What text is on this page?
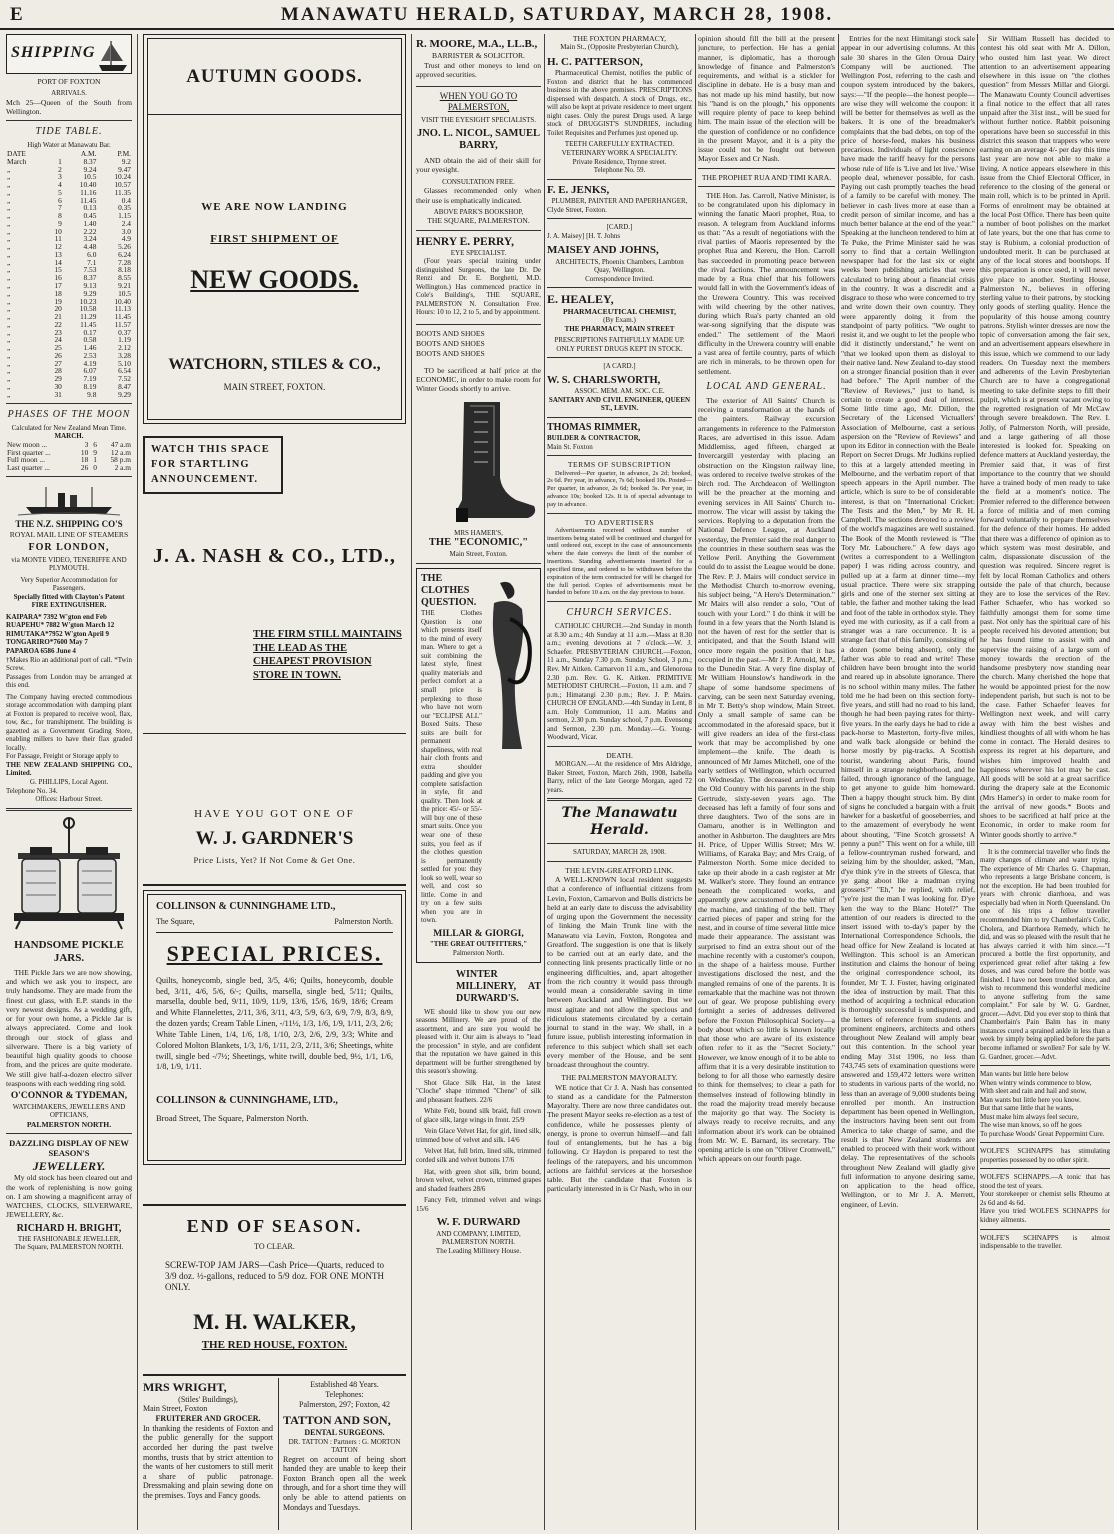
E	MANAWATU HERALD, SATURDAY, MARCH 28, 1908.
SHIPPING
PORT OF FOXTON
ARRIVALS.
Mch 25—Queen of the South from Wellington.
TIDE TABLE.
High Water at Manawatu Bar.
DATE		A.M.	P.M.
March	1	8.37	9.2
„	2	9.24	9.47
„	3	10.5	10.24
„	4	10.40	10.57
„	5	11.16	11.35
„	6	11.45	0.4
„	7	0.13	0.35
„	8	0.45	1.15
„	9	1.40	2.4
„	10	2.22	3.0
„	11	3.24	4.9
„	12	4.48	5.26
„	13	6.0	6.24
„	14	7.1	7.28
„	15	7.53	8.18
„	16	8.37	8.55
„	17	9.13	9.21
„	18	9.29	10.5
„	19	10.23	10.40
„	20	10.58	11.13
„	21	11.29	11.45
„	22	11.45	11.57
„	23	0.17	0.37
„	24	0.58	1.19
„	25	1.46	2.12
„	26	2.53	3.28
„	27	4.19	5.10
„	28	6.07	6.54
„	29	7.19	7.52
„	30	8.19	8.47
„	31	9.8	9.29
PHASES OF THE MOON
Calculated for New Zealand Mean Time.
MARCH.
New moon ...	3	6	47 a.m
First quarter ...	10	9	12 a.m
Full moon ...	18	1	58 p.m
Last quarter ...	26	0	2 a.m
THE N.Z. SHIPPING CO'S
ROYAL MAIL LINE OF STEAMERS
FOR LONDON,
via MONTE VIDEO, TENERIFFE AND PLYMOUTH.
Very Superior Accommodation for Passengers.
Specially fitted with Clayton's Patent FIRE EXTINGUISHER.
KAIPARA* 7392 W'gton end Feb
RUAPEHU* 7882 W'gton March 12
RIMUTAKA*7952 W'gton April 9
TONGARIRO*7600 May 7
PAPAROA 6586 June 4
†Makes Rio an additional port of call. *Twin Screw.
Passages from London may be arranged at this end.
The Company having erected commodious storage accommodation with damping plant at Foxton is prepared to receive wool, flax, tow, &c., for transhipment. The building is gazetted as a Government Grading Store, enabling millers to have their flax graded locally.
For Passage, Freight or Storage apply to
THE NEW ZEALAND SHIPPING CO., Limited.
G. PHILLIPS, Local Agent.
Telephone No. 34.
Offices: Harbour Street.
HANDSOME PICKLE JARS.

THE Pickle Jars we are now showing, and which we ask you to inspect, are truly handsome. They are made from the finest cut glass, with E.P. stands in the very newest designs. As a wedding gift, or for your own home, a Pickle Jar is always appreciated. Come and look through our stock of glass and silverware. There is a big variety of beautiful high quality goods to choose from, and the prices are quite moderate. We still give half-a-dozen electro silver teaspoons with each wedding ring sold.

O'CONNOR & TYDEMAN,
WATCHMAKERS, JEWELLERS AND OPTICIANS,
PALMERSTON NORTH.
DAZZLING DISPLAY OF NEW SEASON'S
JEWELLERY.

My old stock has been cleared out and the work of replenishing is now going on. I am showing a magnificent array of WATCHES, CLOCKS, SILVERWARE, JEWELLERY, &c.

RICHARD H. BRIGHT,
THE FASHIONABLE JEWELLER,
The Square, PALMERSTON NORTH.
AUTUMN GOODS.
WE ARE NOW LANDING
FIRST SHIPMENT OF
NEW GOODS.
WATCHORN, STILES & CO.,
MAIN STREET, FOXTON.
WATCH THIS SPACE FOR STARTLING ANNOUNCEMENT.
J. A. NASH & CO., LTD.,
THE FIRM STILL MAINTAINS THE LEAD AS THE CHEAPEST PROVISION STORE IN TOWN.
HAVE YOU GOT ONE OF
W. J. GARDNER'S
Price Lists, Yet? If Not Come & Get One.
COLLINSON & CUNNINGHAME LTD.,
The Square,	Palmerston North.
SPECIAL PRICES.
Quilts, honeycomb, single bed, 3/5, 4/6; Quilts, honeycomb, double bed, 3/11, 4/6, 5/6, 6/-; Quilts, marsella, single bed, 5/11; Quilts, marsella, double bed, 9/11, 10/9, 11/9, 13/6, 15/6, 16/9, 18/6; Cream and White Flannelettes, 2/11, 3/6, 3/11, 4/3, 5/9, 6/3, 6/9, 7/9, 8/3, 8/9, the dozen yards; Cream Table Linen, -/11½, 1/3, 1/6, 1/9, 1/11, 2/3, 2/6; White Table Linen, 1/4, 1/6, 1/8, 1/10, 2/3, 2/6, 2/9, 3/3; White and Colored Molton Blankets, 1/3, 1/6, 1/11, 2/3, 2/11, 3/6; Sheetings, white twill, single bed -/7½; Sheetings, white twill, double bed, 9½, 1/1, 1/6, 1/8, 1/9, 1/11.
COLLINSON & CUNNINGHAME, LTD.,
Broad Street, The Square, Palmerston North.
END OF SEASON.
TO CLEAR.
SCREW-TOP JAM JARS—Cash Price—Quarts, reduced to 3/9 doz. ½-gallons, reduced to 5/9 doz. FOR ONE MONTH ONLY.
M. H. WALKER,
THE RED HOUSE, FOXTON.
MRS WRIGHT,
(Stiles' Buildings),
Main Street, Foxton
FRUITERER AND GROCER.
In thanking the residents of Foxton and the public generally for the support accorded her during the past twelve months, trusts that by strict attention to the wants of her customers to still merit a share of public patronage. Dressmaking and plain sewing done on the premises. Toys and Fancy goods.
Established 48 Years.
Telephones:
Palmerston, 297; Foxton, 42
TATTON AND SON,
DENTAL SURGEONS.
DR. TATTON : Partners : G. MORTON TATTON
Regret on account of being short handed they are unable to keep their Foxton Branch open all the week through, and for a short time they will only be able to attend patients on Mondays and Tuesdays.
R. MOORE, M.A., LL.B.,
BARRISTER & SOLICITOR.

Trust and other moneys to lend on approved securities.

WHEN YOU GO TO PALMERSTON,
VISIT THE EYESIGHT SPECIALISTS.
JNO. L. NICOL, SAMUEL BARRY,

AND obtain the aid of their skill for your eyesight.

CONSULTATION FREE.

Glasses recommended only when their use is emphatically indicated.

ABOVE PARK'S BOOKSHOP,
THE SQUARE, PALMERSTON.
HENRY E. PERRY,
EYE SPECIALIST.

(Four years special training under distinguished Surgeons, the late Dr. De Renzi and Dr. E. Borghetti, M.D. Wellington.) Has commenced practice in Cole's Building's, THE SQUARE, PALMERSTON N. Consultation Free. Hours: 10 to 12, 2 to 5, and by appointment.

BOOTS AND SHOES
BOOTS AND SHOES
BOOTS AND SHOES

TO be sacrificed at half price at the ECONOMIC, in order to make room for Winter Goods shortly to arrive.

MRS HAMER'S,
THE "ECONOMIC,"
Main Street, Foxton.
THE CLOTHES QUESTION.
THE Clothes Question is one which presents itself to the mind of every man. Where to get a suit combining the latest style, finest quality materials and perfect comfort at a small price is perplexing to those who have not worn our "ECLIPSE ALL" Boxed Suits. These suits are built for permanent shapeliness, with real hair cloth fronts and extra shoulder padding and give you complete satisfaction in style, fit and quality. Then look at the price: 45/- or 55/- will buy one of these smart suits. Once you wear one of these suits, you feel as if the clothes question is permanently settled for you: they look so well, wear so well, and cost so little. Come in and try on a few suits when you are in town.
MILLAR & GIORGI,
"THE GREAT OUTFITTERS,"
Palmerston North.
WINTER MILLINERY, AT DURWARD'S.

WE should like to show you our new seasons Millinery. We are proud of the assortment, and are sure you would be pleased with it. Our aim is always to "lead the procession" in style, and are confident that the reputation we have gained in this department will be further strengthened by this season's showing.

Shot Glace Silk Hat, in the latest "Cloche" shape trimmed "Chene" of silk and pheasant feathers. 22/6

White Felt, bound silk braid, full crown of glace silk, large wings in front. 25/9

Vein Glace Velvet Hat, for girl, lined silk, trimmed bow of velvet and silk. 14/6

Velvet Hat, full brim, lined silk, trimmed corded silk and velvet buttons 17/6

Hat, with green shot silk, brim bound, brown velvet, velvet crown, trimmed grapes and shaded feathers 28/6

Fancy Felt, trimmed velvet and wings 15/6

W. F. DURWARD
AND COMPANY, LIMITED, PALMERSTON NORTH.
The Leading Millinery House.
THE FOXTON PHARMACY,
Main St., (Opposite Presbyterian Church),
H. C. PATTERSON,

Pharmaceutical Chemist, notifies the public of Foxton and district that he has commenced business in the above premises. PRESCRIPTIONS dispensed with despatch. A stock of Drugs, etc., will also be kept at private residence to meet urgent night cases. Only the purest Drugs used. A large stock of DRUGGIST'S SUNDRIES, including Toilet Requisites and Perfumes just opened up.

TEETH CAREFULLY EXTRACTED.
VETERINARY WORK A SPECIALITY.
Private Residence, Thynne street.
Telephone No. 59.
F. E. JENKS,
PLUMBER, PAINTER AND PAPERHANGER,
Clyde Street, Foxton.
[CARD.]
J. A. Maisey] [H. T. Johns
MAISEY AND JOHNS,
ARCHITECTS, Phoenix Chambers, Lambton Quay, Wellington.
Correspondence Invited.
E. HEALEY,
PHARMACEUTICAL CHEMIST,
(By Exam.)
THE PHARMACY, MAIN STREET
PRESCRIPTIONS FAITHFULLY MADE UP.
ONLY PUREST DRUGS KEPT IN STOCK.
[A CARD.]
W. S. CHARLSWORTH,
ASSOC. MEM. AM. SOC. C.E.
SANITARY AND CIVIL ENGINEER, QUEEN ST., LEVIN.
THOMAS RIMMER,
BUILDER & CONTRACTOR,
Main St. Foxton
TERMS OF SUBSCRIPTION

Delivered—Per quarter, in advance, 2s 2d; booked, 2s 6d. Per year, in advance, 7s 6d; booked 10s. Posted—Per quarter, in advance, 2s 6d; booked 3s. Per year, in advance 10s; booked 12s. It is of special advantage to pay in advance.

TO ADVERTISERS

Advertisements received without number of insertions being stated will be continued and charged for until ordered out, except in the case of announcements where the date conveys the limit of the number of insertions. Standing advertisements inserted for a specified time, and ordered to be withdrawn before the expiration of the term contracted for will be charged for the full period. Copies of advertisements must be handed in before 10 a.m. on the day previous to issue.

CHURCH SERVICES.

CATHOLIC CHURCH.—2nd Sunday in month at 8.30 a.m.; 4th Sunday at 11 a.m.—Mass at 8.30 a.m.; evening devotions at 7 o'clock.—W. J. Schaefer. PRESBYTERIAN CHURCH.—Foxton, 11 a.m., Sunday 7.30 p.m. Sunday School, 3 p.m.; Rev. Mr Aitken. Carnarvon 11 a.m., and Glenoroua 2.30 p.m. Rev. G. K. Aitken. PRIMITIVE METHODIST CHURCH.—Foxton, 11 a.m. and 7 p.m.; Himatangi 2.30 p.m.; Rev. J. P. Mairs. CHURCH OF ENGLAND.—4th Sunday in Lent, 8 a.m. Holy Communion, 11 a.m. Matins and sermon, 2.30 p.m. Sunday school, 7 p.m. Evensong and Sermon, 2.30 p.m. Monday.—G. Young-Woodward, Vicar.

DEATH.

MORGAN.—At the residence of Mrs Aldridge, Baker Street, Foxton, March 26th, 1908, Isabella Barry, relict of the late George Morgan, aged 72 years.

The Manawatu Herald.
SATURDAY, MARCH 28, 1908.
THE LEVIN-GREATFORD LINK.

A WELL-KNOWN local resident suggests that a conference of influential citizens from Levin, Foxton, Carnarvon and Bulls districts be held at an early date to discuss the advisability of urging upon the Government the necessity of linking the Main Trunk line with the Manawatu via Levin, Foxton, Rongotea and Greatford. The suggestion is one that is likely to be carried out at an early date, and the connecting link presents practically little or no engineering difficulties, and, apart altogether from the rich country it would pass through would mean a considerable saving in time between Auckland and Wellington. But we must agitate and not allow the specious and ridiculous statements circulated by a certain journal to stand in the way. We shall, in a future issue, publish interesting information in reference to this subject which shall set each every member of the House, and be sent broadcast throughout the country.

THE PALMERSTON MAYORALTY.

WE notice that Cr J. A. Nash has consented to stand as a candidate for the Palmerston Mayoralty. There are now three candidates out. The present Mayor seeks re-election as a test of confidence, while he possesses plenty of energy, is prone to overrun himself—and fall foul of entanglements, but he has a big following. Cr Haydon is prepared to test the feelings of the ratepayers, and his uncommon actions are faithful services at the horseshoe table. But the candidate that Foxton is particularly interested in is Cr Nash, who in our

opinion should fill the bill at the present juncture, to perfection. He has a genial manner, is diplomatic, has a thorough knowledge of finance and Palmerston's requirements, and withal is a stickler for discipline in debate. He is a busy man and has not made up his mind hastily, but now his "hand is on the plough," his opponents will require plenty of pace to keep behind him. The main issue of the election will be the question of confidence or no confidence in the present Mayor, and it is a pity the issue could not be fought out between Mayor Essex and Cr Nash.

THE PROPHET RUA AND TIMI KARA.

THE Hon. Jas. Carroll, Native Minister, is to be congratulated upon his diplomacy in winning the fanatic Maori prophet, Rua, to reason. A telegram from Auckland informs us that: "As a result of negotiations with the rival parties of Maoris represented by the prophet Rua and Kereru, the Hon. Carroll has succeeded in promoting peace between the rival factions. The announcement was made by a Rua chief that his followers would fall in with the Government's ideas of the Urewera Country. This was received with wild cheering by the other natives, during which Rua's party chanted an old war-song signifying that the dispute was ended." The settlement of the Maori difficulty in the Urewera country will enable a vast area of fertile country, parts of which are rich in minerals, to be thrown open for settlement.

LOCAL AND GENERAL.

The exterior of All Saints' Church is receiving a transformation at the hands of the painters. Railway excursion arrangements in reference to the Palmerston Races, are advertised in this issue. Adam Middlemiss, aged fifteen, charged at Invercargill yesterday with placing an obstruction on the Kingston railway line, was ordered to receive twelve strokes of the birch rod. The Archdeacon of Wellington will be the preacher at the morning and evening services in All Saints' Church to-morrow. The vicar will assist by taking the services. Replying to a deputation from the National Defence League, at Auckland yesterday, the Premier said the real danger to the countries in these southern seas was the Yellow Peril. Anything the Government could do to assist the League would be done. The Rev. P. J. Mairs will conduct service in the Methodist Church to-morrow evening, his subject being, "A Hero's Determination." Mr Mairs will also render a solo, "Out of touch with your Lord." I do think it will be found in a few years that the North Island is not the haven of rest for the settler that is anticipated, and that the South Island will once more regain the position that it has occupied in the past.—Mr J. P. Arnold, M.P., to the Dunedin Star. A very fine display of Mr William Hounslow's handiwork in the shape of some handsome specimens of carving, can be seen next Saturday evening, in Mr T. Betty's shop window, Main Street. Only a small sample of same can be accommodated in the aforesaid space, but it will give readers an idea of the first-class work that may be accomplished by one implement—the knife. The death is announced of Mr James Mitchell, one of the early settlers of Wellington, which occurred on Wednesday. The deceased arrived from the Old Country with his parents in the ship Gertrude, sixty-seven years ago. The deceased has left a family of four sons and three daughters. Two of the sons are in Oamaru, another is in Wellington and another in Ashburton. The daughters are Mrs H. Price, of Upper Willis Street; Mrs W. Williams, of Karaka Bay; and Mrs Craig, of Palmerston North. Some mice decided to take up their abode in a cash register at Mr M. Walker's store. They found an entrance beneath the complicated works, and apparently grew accustomed to the whirr of the machine, and tinkling of the bell. They carried pieces of paper and string for the nest, and in course of time several little mice made their appearance. The assistant was surprised to find an extra shout out of the machine recently with a customer's coupon, in the shape of a hairless mouse. Further investigations disclosed the nest, and the mangled remains of one of the parents. It is remarkable that the machine was not thrown out of gear. We propose publishing every fortnight a series of addresses delivered before the Foxton Philosophical Society—a body about which so little is known locally that those who are aware of its existence often refer to it as the "Secret Society." However, we know enough of it to be able to affirm that it is a very desirable institution to belong to for all those who earnestly desire to think for themselves; to clear a path for themselves instead of following blindly in the road the majority tread merely because the majority go that way. The Society is always ready to receive recruits, and any information about it's work can be obtained from Mr. W. E. Barnard, its secretary. The opening article is one on "Oliver Cromwell," which appears on our fourth page.

Entries for the next Himitangi stock sale appear in our advertising columns. At this sale 30 shares in the Glen Oroua Dairy Company will be auctioned. The Wellington Post, referring to the cash and coupon system introduced by the bakers, says:—"If the people—the honest people—are wise they will welcome the coupon: it will be better for themselves as well as the bakers. It is one of the breadmaker's complaints that the bad debts, on top of the price of horse-feed, makes his business precarious. Individuals of light conscience have made the tariff heavy for the persons whose rule of life is 'Live and let live.' Wise people deal, whenever possible, for cash. Paying out cash promptly teaches the head of a family to be careful with money. The believer in cash lives more at ease than a credit person of similar income, and has a much better balance at the end of the year." Speaking at the luncheon tendered to him at Te Puke, the Prime Minister said he was sorry to find that a certain Wellington newspaper had for the last six or eight weeks been publishing articles that were calculated to bring about a financial crisis in the country. It was a discredit and a disgrace to those who were concerned to try and write down their own country. They were apparently doing it from the standpoint of party politics. "We ought to resist it, and we ought to let the people who did it distinctly understand," he went on "that we looked upon them as disloyal to their native land. New Zealand to-day stood on a stronger financial position than it ever had before." The April number of the "Review of Reviews," just to hand, is certain to create a good deal of interest. Some little time ago, Mr. Dillon, the Secretary of the Licensed Victuallers' Association of Melbourne, cast a serious aspersion on the "Review of Reviews" and upon its Editor in connection with the Beale Report on Secret Drugs. Mr Judkins replied to this at a largely attended meeting in Melbourne, and the verbatim report of that speech appears in the April number. The article, which is sure to be of considerable interest, is that on "International Cricket: The Tests and the Men," by Mr R. H. Campbell. The sections devoted to a review of the world's magazines are well sustained. The Book of the Month reviewed is "The Tory Mr. Labouchere." A few days ago (writes a correspondent to a Wellington paper) I was riding across country, and pulled up at a farm at dinner time—my usual practice. There were six strapping girls and one of the sterner sex sitting at table, the father and mother taking the lead and foot of the table in orthodox style. They eyed me with curiosity, as if a call from a stranger was a rare occurrence. It is a strange fact that of this family, consisting of a dozen (some being absent), only the father was able to read and write! These children have been brought into the world and reared up in absolute ignorance. There is no school within many miles. The father told me he had been on this section forty-five years, and still had no road to his land, though he had been paying rates for thirty-five years. In the early days he had to ride a pack-horse to Masterton, forty-five miles, and walk back alongside or behind the horse mostly by pig-tracks. A Scottish tourist, wandering about Paris, found himself in a strange neighborhood, and he failed, through ignorance of the language, to get anyone to guide him homeward. Then a happy thought struck him. By dint of signs he concluded a bargain with a fruit hawker for a basketful of gooseberries, and to the amazement of everybody he went about shouting, "Fine Scotch grossets! A penny a pun!" This went on for a while, till a fellow-countryman rushed forward, and seizing him by the shoulder, asked, "Man, d'ye think y're in the streets of Glesca, that ye gang aboot like a madman crying grossets?" "Eh," he replied, with relief, "ye're just the man I was looking for. D'ye ken the way to the Blanc Hotel?" The attention of our readers is directed to the insert issued with to-day's paper by the International Correspondence Schools, the head office for New Zealand is located at Wellington. This school is an American institution and claims the honour of being the original correspondence school, its founder, Mr T. J. Foster, having originated the idea of instruction by mail. That this method of acquiring a technical education is thoroughly successful is undisputed, and the letters of reference from students and prominent engineers, architects and others throughout New Zealand will amply bear out this contention. In the school year ending May 31st 1906, no less than 743,745 sets of examination questions were answered and 159,472 letters were written to students in various parts of the world, no less than an average of 9,000 students being enrolled per month. An instruction department has been opened in Wellington, the instructors having been sent out from America to take charge of same, and the result is that New Zealand students are enabled to proceed with their work without delay. The representatives of the schools throughout New Zealand will gladly give full information to anyone desiring same, on application to the head office, Wellington, or to Mr J. A. Merrett, engineer, of Levin.

Sir William Russell has decided to contest his old seat with Mr A. Dillon, who ousted him last year. We direct attention to an advertisement appearing elsewhere in this issue on "the clothes question" from Messrs Millar and Giorgi. The Manawatu County Council advertises a final notice to the effect that all rates unpaid after the 31st inst., will be sued for without further notice. Rabbit poisoning operations have been so successful in this district this season that trappers who were earning on an average 4/- per day this time last year are now not able to make a living. A notice appears elsewhere in this issue from the Chief Electoral Officer, in reference to the closing of the general or main roll, which is to be printed in April. Forms of enrolment may be obtained at the local Post Office. There has been quite a number of boot polishes on the market of late years, but the one that has come to stay is Rubium, a colonial production of undoubted merit. It can be purchased at any of the local stores and bootshops. If this preparation is once used, it will never give place to another. Sterling House, Palmerston N., believes in offering sterling value to their patrons, by stocking only goods of sterling quality. Hence the popularity of this house among country patrons. Stylish winter dresses are now the topic of conversation among the fair sex, and an advertisement appears elsewhere in this issue, which we commend to our lady readers. On Tuesday next the members and adherents of the Levin Presbyterian Church are to have a congregational meeting to take definite steps to fill their pulpit, which is at present vacant owing to the regretted resignation of Mr McCaw through severe breakdown. The Rev. I. Jolly, of Palmerston North, will preside, and a large gathering of all those interested is looked for. Speaking on defence matters at Auckland yesterday, the Premier said that, it was of first importance to the country that we should have a trained body of men ready to take the field at a moment's notice. The Premier referred to the difference between a force of militia and of men coming forward voluntarily to prepare themselves for the defence of their homes. He added that there was a difference of opinion as to which system was most desirable, and calm, dispassionate discussion of the question was required. Sincere regret is felt by local Roman Catholics and others outside the pale of that church, because they are to lose the services of the Rev. Father Schaefer, who has worked so faithfully amongst them for some time past. Not only has the spiritual care of his people received his devoted attention; but he has found time to assist with and supervise the raising of a large sum of money towards the erection of the handsome presbytery now standing near the church. Many cherished the hope that he would be appointed priest for the now independent parish, but such is not to be the case. Father Schaefer leaves for Wellington next week, and will carry away with him the best wishes and kindliest thoughts of all with whom he has come in contact. The Herald desires to express its regret at his departure, and wishes him improved health and happiness wherever his lot may be cast. All goods will be sold at a great sacrifice during the drapery sale at the Economic (Mrs Hamer's) in order to make room for the arrival of new goods.* Boots and shoes to be sacrificed at half price at the Economic, in order to make room for Winter goods shortly to arrive.*

It is the commercial traveller who finds the many changes of climate and water trying. The experience of Mr Charles G. Chapman, who represents a large Brisbane concern, is not the exception. He had been troubled for years with chronic diarrhoea, and was especially bad when in North Queensland. On one of his trips a fellow traveller recommended him to try Chamberlain's Colic, Cholera, and Diarrhoea Remedy, which he did, and was so pleased with the result that he has always carried it with him since.—"I procured a bottle the first opportunity, and experienced great relief after taking a few doses, and was cured before the bottle was finished. I have not been troubled since, and wish to recommend this wonderful medicine to anyone suffering from the same complaint." For sale by W. G. Gardner, grocer.—Advt. Did you ever stop to think that Chamberlain's Pain Balm has in many instances cured a sprained ankle in less than a week by simply being applied before the parts become inflamed or swollen? For sale by W. G. Gardner, grocer.—Advt.

Man wants but little here below
When wintry winds commence to blow,
With sleet and rain and hail and snow,
Man wants but little here you know.
But that same little that he wants,
Must make him always feel secure,
The wise man knows, so off he goes
To purchase Woods' Great Peppermint Cure.
WOLFE'S SCHNAPPS has stimulating properties possessed by no other spirit.
WOLFE'S SCHNAPPS.—A tonic that has stood the test of years.
Your storekeeper or chemist sells Rheumo at 2s 6d and 4s 6d.
Have you tried WOLFE'S SCHNAPPS for kidney ailments.
WOLFE'S SCHNAPPS is almost indispensable to the traveller.
